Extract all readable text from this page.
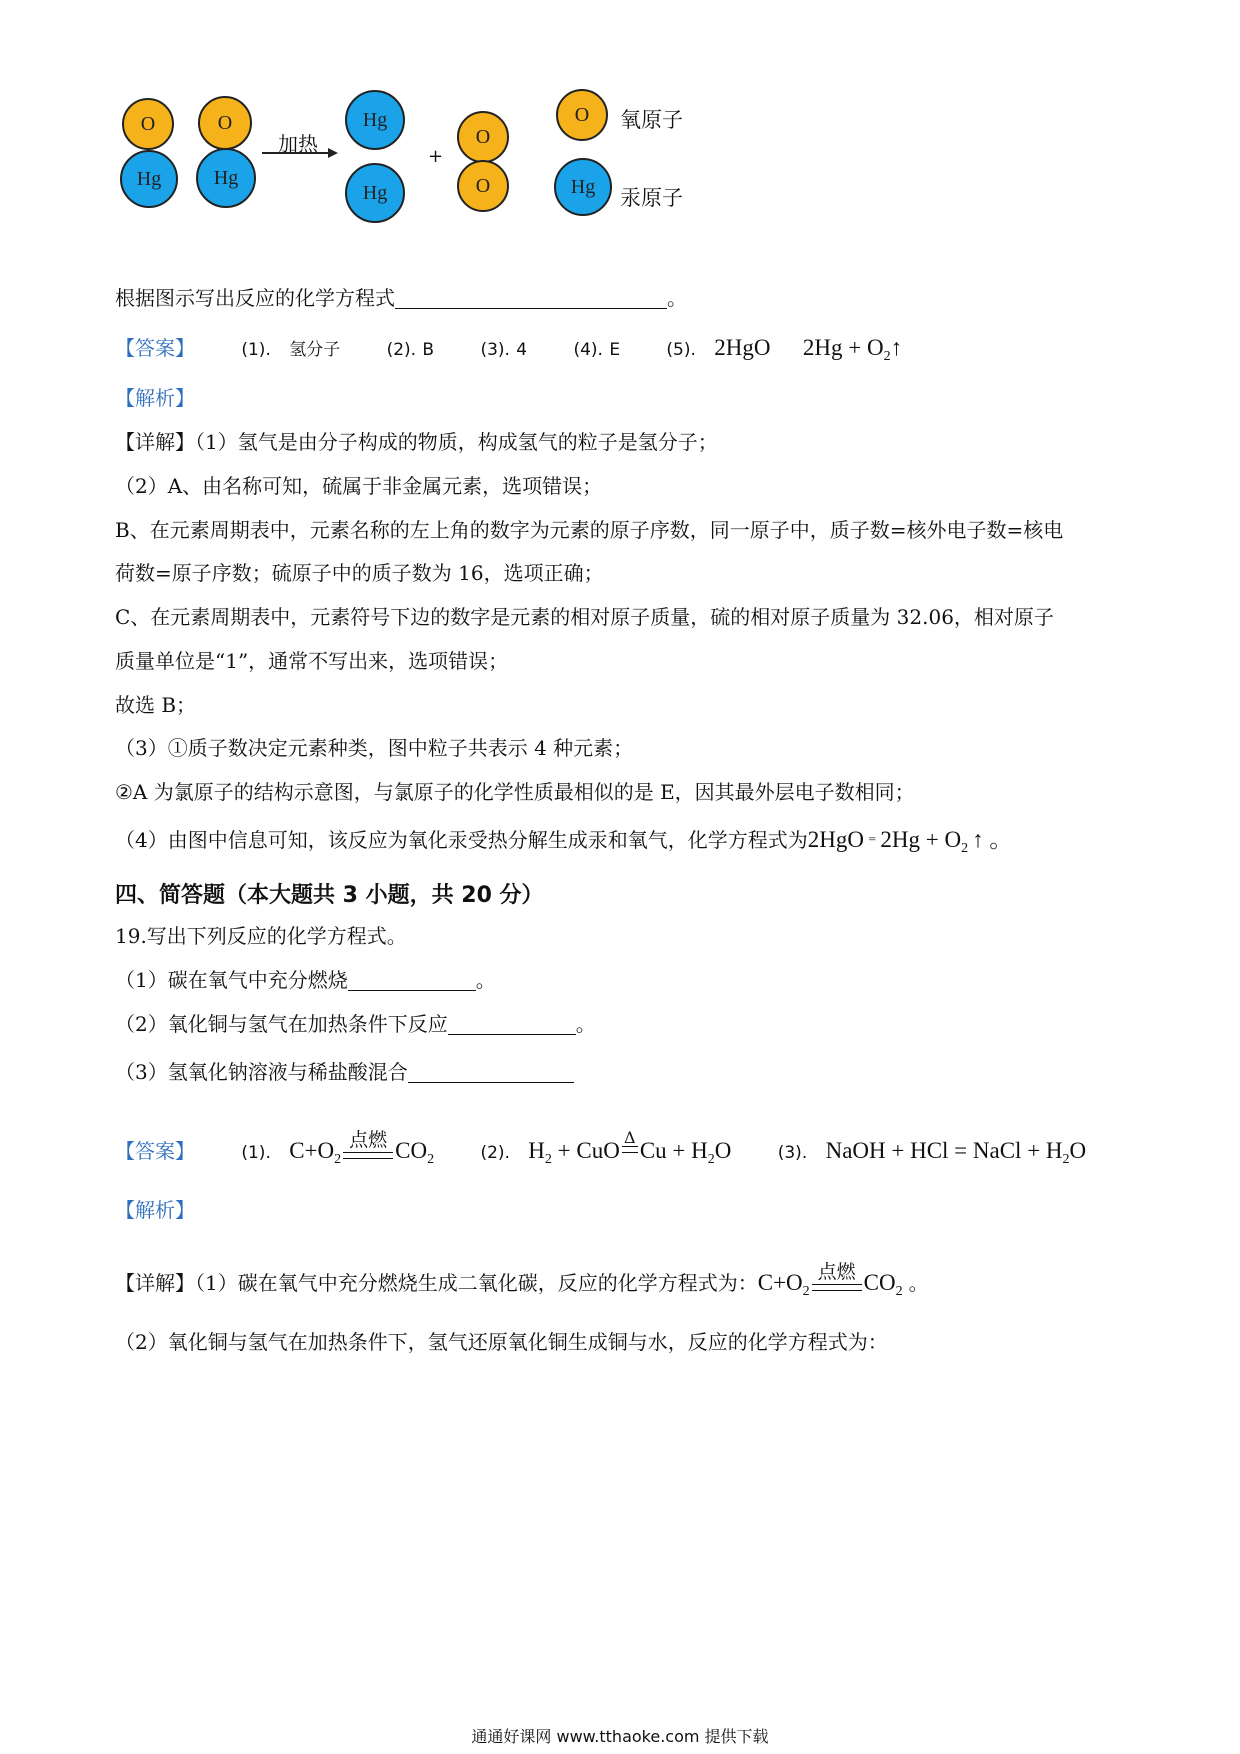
O
Hg
O
Hg
加热
Hg
Hg
+
O
O
O	氧原子
Hg	汞原子
根据图示写出反应的化学方程式	。
【答案】	(1). 氢分子	(2). B	(3). 4	(4). E	(5). 2HgO $2Hg + O_2↑$
【解析】
【详解】（1）氢气是由分子构成的物质，构成氢气的粒子是氢分子；
（2）A、由名称可知，硫属于非金属元素，选项错误；
B、在元素周期表中，元素名称的左上角的数字为元素的原子序数，同一原子中，质子数=核外电子数=核电
荷数=原子序数；硫原子中的质子数为 16，选项正确；
C、在元素周期表中，元素符号下边的数字是元素的相对原子质量，硫的相对原子质量为 32.06，相对原子
质量单位是“1”，通常不写出来，选项错误；
故选 B；
（3）①质子数决定元素种类，图中粒子共表示 4 种元素；
②A 为氯原子的结构示意图，与氯原子的化学性质最相似的是 E，因其最外层电子数相同；
（4）由图中信息可知，该反应为氧化汞受热分解生成汞和氧气，化学方程式为2HgO ⁼ $2Hg + O_2$ ↑ 。
四、简答题（本大题共 3 小题，共 20 分）
19.写出下列反应的化学方程式。
（1）碳在氧气中充分燃烧	。
（2）氧化铜与氢气在加热条件下反应	。
（3）氢氧化钠溶液与稀盐酸混合
【答案】	(1). $C+O_2$
点燃 $CO_2$	(2). $H_2$ + CuO
Δ
$Cu + H_2O$	(3). NaOH + HCl = NaCl + $H_2O$
【解析】
【详解】（1）碳在氧气中充分燃烧生成二氧化碳，反应的化学方程式为：$C+O_2$
点燃 $CO_2$ 。
（2）氧化铜与氢气在加热条件下，氢气还原氧化铜生成铜与水，反应的化学方程式为：
通通好课网 www.tthaoke.com 提供下载
